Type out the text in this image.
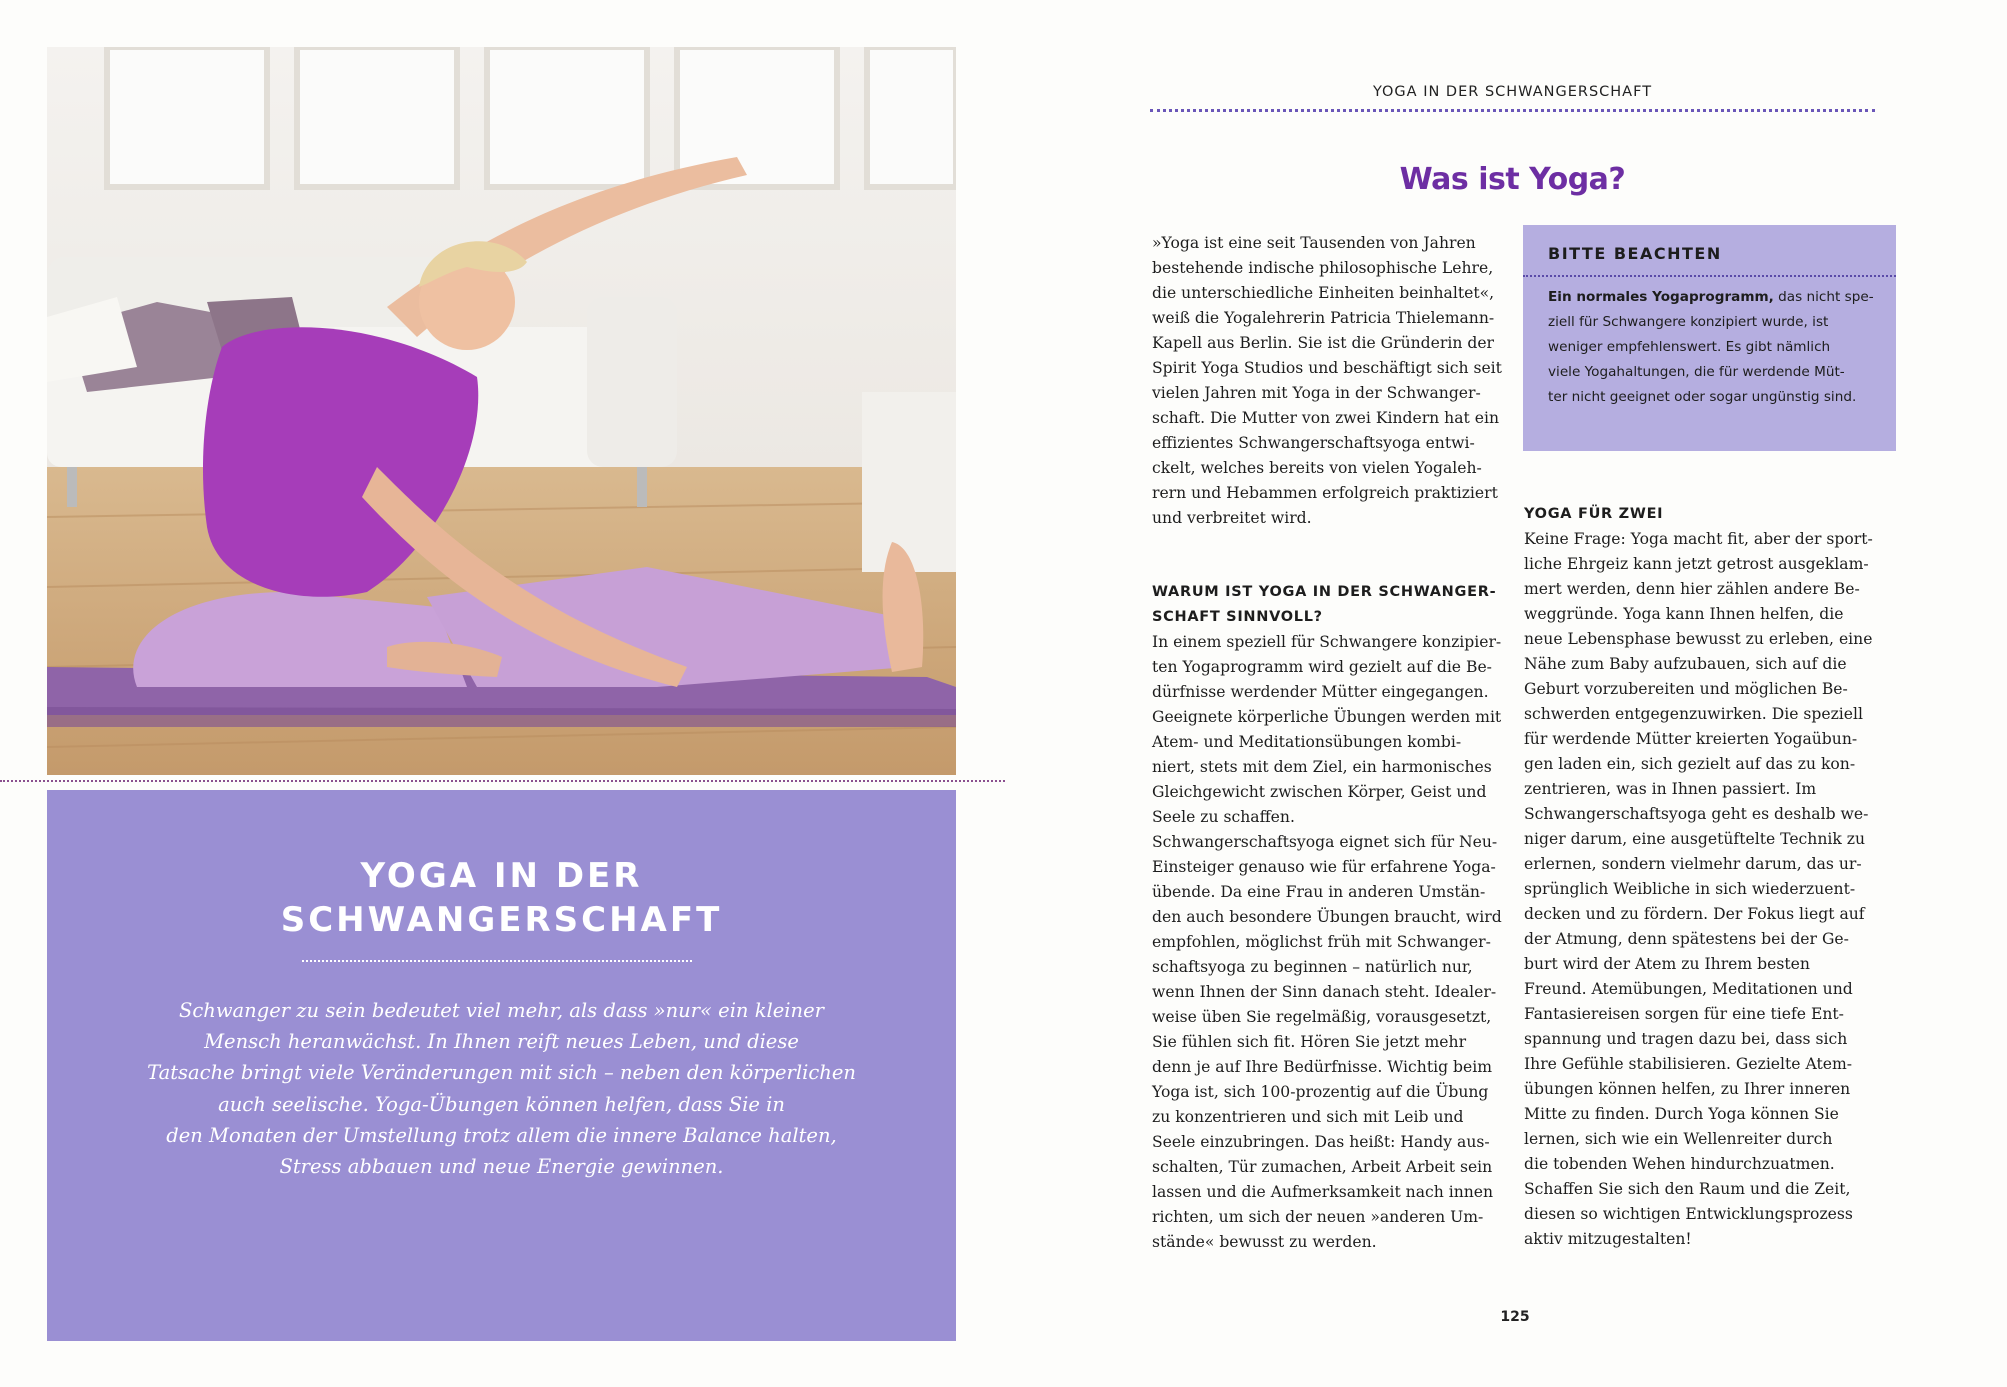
YOGA IN DER
SCHWANGERSCHAFT
Schwanger zu sein bedeutet viel mehr, als dass »nur« ein kleiner
Mensch heranwächst. In Ihnen reift neues Leben, und diese
Tatsache bringt viele Veränderungen mit sich – neben den körperlichen
auch seelische. Yoga-Übungen können helfen, dass Sie in
den Monaten der Umstellung trotz allem die innere Balance halten,
Stress abbauen und neue Energie gewinnen.
YOGA IN DER SCHWANGERSCHAFT
Was ist Yoga?
»Yoga ist eine seit Tausenden von Jahren
bestehende indische philosophische Lehre,
die unterschiedliche Einheiten beinhaltet«,
weiß die Yogalehrerin Patricia Thielemann-
Kapell aus Berlin. Sie ist die Gründerin der
Spirit Yoga Studios und beschäftigt sich seit
vielen Jahren mit Yoga in der Schwanger-
schaft. Die Mutter von zwei Kindern hat ein
effizientes Schwangerschaftsyoga entwi-
ckelt, welches bereits von vielen Yogaleh-
rern und Hebammen erfolgreich praktiziert
und verbreitet wird.
WARUM IST YOGA IN DER SCHWANGER-
SCHAFT SINNVOLL?
In einem speziell für Schwangere konzipier-
ten Yogaprogramm wird gezielt auf die Be-
dürfnisse werdender Mütter eingegangen.
Geeignete körperliche Übungen werden mit
Atem- und Meditationsübungen kombi-
niert, stets mit dem Ziel, ein harmonisches
Gleichgewicht zwischen Körper, Geist und
Seele zu schaffen.
Schwangerschaftsyoga eignet sich für Neu-
Einsteiger genauso wie für erfahrene Yoga-
übende. Da eine Frau in anderen Umstän-
den auch besondere Übungen braucht, wird
empfohlen, möglichst früh mit Schwanger-
schaftsyoga zu beginnen – natürlich nur,
wenn Ihnen der Sinn danach steht. Idealer-
weise üben Sie regelmäßig, vorausgesetzt,
Sie fühlen sich fit. Hören Sie jetzt mehr
denn je auf Ihre Bedürfnisse. Wichtig beim
Yoga ist, sich 100-prozentig auf die Übung
zu konzentrieren und sich mit Leib und
Seele einzubringen. Das heißt: Handy aus-
schalten, Tür zumachen, Arbeit Arbeit sein
lassen und die Aufmerksamkeit nach innen
richten, um sich der neuen »anderen Um-
stände« bewusst zu werden.
BITTE BEACHTEN
Ein normales Yogaprogramm, das nicht spe-
ziell für Schwangere konzipiert wurde, ist
weniger empfehlenswert. Es gibt nämlich
viele Yogahaltungen, die für werdende Müt-
ter nicht geeignet oder sogar ungünstig sind.
YOGA FÜR ZWEI
Keine Frage: Yoga macht fit, aber der sport-
liche Ehrgeiz kann jetzt getrost ausgeklam-
mert werden, denn hier zählen andere Be-
weggründe. Yoga kann Ihnen helfen, die
neue Lebensphase bewusst zu erleben, eine
Nähe zum Baby aufzubauen, sich auf die
Geburt vorzubereiten und möglichen Be-
schwerden entgegenzuwirken. Die speziell
für werdende Mütter kreierten Yogaübun-
gen laden ein, sich gezielt auf das zu kon-
zentrieren, was in Ihnen passiert. Im
Schwangerschaftsyoga geht es deshalb we-
niger darum, eine ausgetüftelte Technik zu
erlernen, sondern vielmehr darum, das ur-
sprünglich Weibliche in sich wiederzuent-
decken und zu fördern. Der Fokus liegt auf
der Atmung, denn spätestens bei der Ge-
burt wird der Atem zu Ihrem besten
Freund. Atemübungen, Meditationen und
Fantasiereisen sorgen für eine tiefe Ent-
spannung und tragen dazu bei, dass sich
Ihre Gefühle stabilisieren. Gezielte Atem-
übungen können helfen, zu Ihrer inneren
Mitte zu finden. Durch Yoga können Sie
lernen, sich wie ein Wellenreiter durch
die tobenden Wehen hindurchzuatmen.
Schaffen Sie sich den Raum und die Zeit,
diesen so wichtigen Entwicklungsprozess
aktiv mitzugestalten!
125
